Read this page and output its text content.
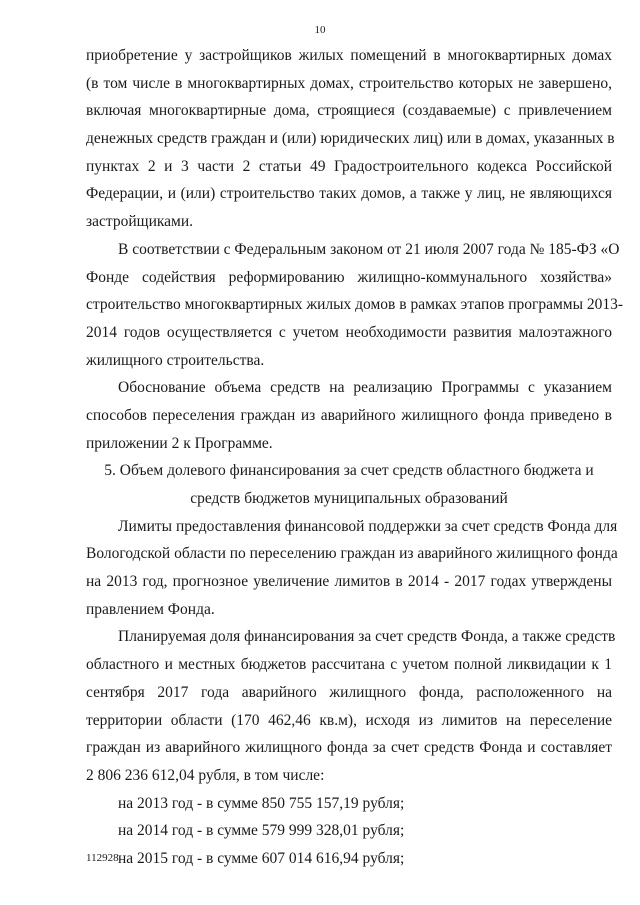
10
приобретение у застройщиков жилых помещений в многоквартирных домах
(в том числе в многоквартирных домах, строительство которых не завершено,
включая многоквартирные дома, строящиеся (создаваемые) с привлечением
денежных средств граждан и (или) юридических лиц) или в домах, указанных в
пунктах 2 и 3 части 2 статьи 49 Градостроительного кодекса Российской
Федерации, и (или) строительство таких домов, а также у лиц, не являющихся
застройщиками.
В соответствии с Федеральным законом от 21 июля 2007 года № 185-ФЗ «О
Фонде содействия реформированию жилищно-коммунального хозяйства»
строительство многоквартирных жилых домов в рамках этапов программы 2013-
2014 годов осуществляется с учетом необходимости развития малоэтажного
жилищного строительства.
Обоснование объема средств на реализацию Программы с указанием
способов переселения граждан из аварийного жилищного фонда приведено в
приложении 2 к Программе.
5. Объем долевого финансирования за счет средств областного бюджета и
средств бюджетов муниципальных образований
Лимиты предоставления финансовой поддержки за счет средств Фонда для
Вологодской области по переселению граждан из аварийного жилищного фонда
на 2013 год, прогнозное увеличение лимитов в 2014 - 2017 годах утверждены
правлением Фонда.
Планируемая доля финансирования за счет средств Фонда, а также средств
областного и местных бюджетов рассчитана с учетом полной ликвидации к 1
сентября 2017 года аварийного жилищного фонда, расположенного на
территории области (170 462,46 кв.м), исходя из лимитов на переселение
граждан из аварийного жилищного фонда за счет средств Фонда и составляет
2 806 236 612,04 рубля, в том числе:
на 2013 год - в сумме 850 755 157,19 рубля;
на 2014 год - в сумме 579 999 328,01 рубля;
на 2015 год - в сумме 607 014 616,94 рубля;
112928
